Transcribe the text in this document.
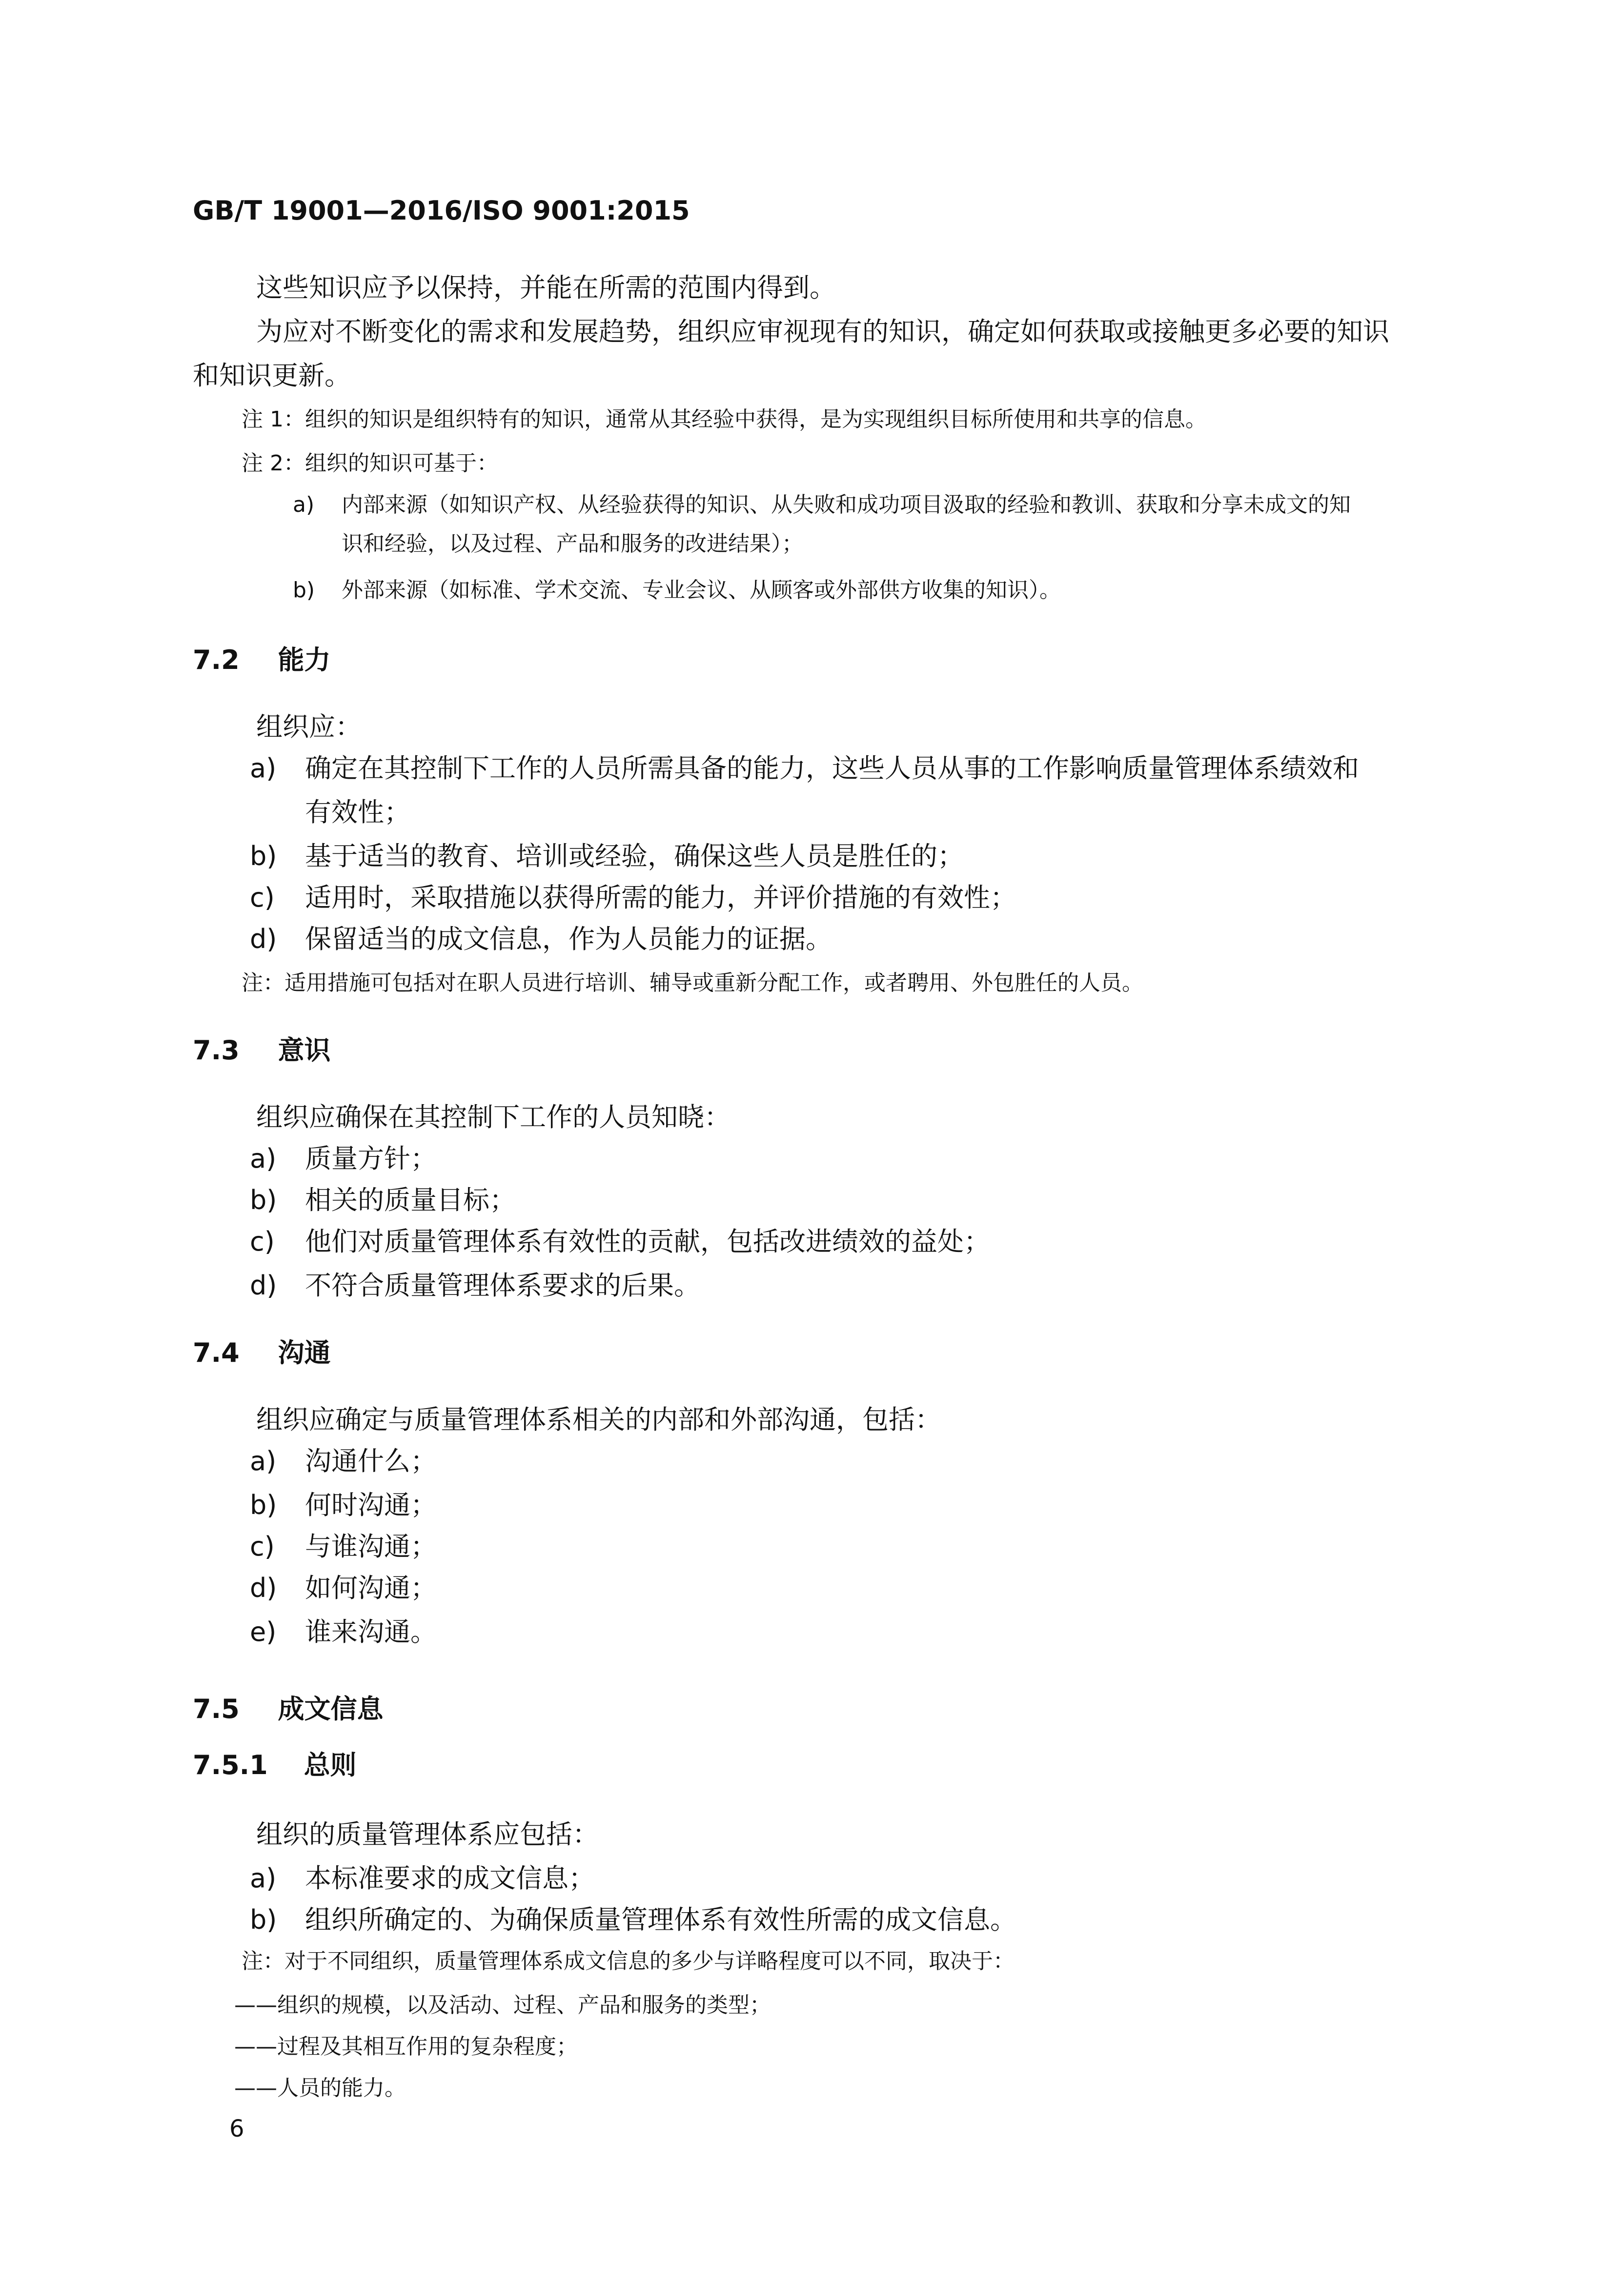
GB/T 19001—2016/ISO 9001:2015
这些知识应予以保持，并能在所需的范围内得到。
为应对不断变化的需求和发展趋势，组织应审视现有的知识，确定如何获取或接触更多必要的知识
和知识更新。
注 1：组织的知识是组织特有的知识，通常从其经验中获得，是为实现组织目标所使用和共享的信息。
注 2：组织的知识可基于：
a) 内部来源（如知识产权、从经验获得的知识、从失败和成功项目汲取的经验和教训、获取和分享未成文的知
识和经验，以及过程、产品和服务的改进结果）；
b) 外部来源（如标准、学术交流、专业会议、从顾客或外部供方收集的知识）。
7.2 能力
组织应：
a) 确定在其控制下工作的人员所需具备的能力，这些人员从事的工作影响质量管理体系绩效和
有效性；
b) 基于适当的教育、培训或经验，确保这些人员是胜任的；
c) 适用时，采取措施以获得所需的能力，并评价措施的有效性；
d) 保留适当的成文信息，作为人员能力的证据。
注：适用措施可包括对在职人员进行培训、辅导或重新分配工作，或者聘用、外包胜任的人员。
7.3 意识
组织应确保在其控制下工作的人员知晓：
a) 质量方针；
b) 相关的质量目标；
c) 他们对质量管理体系有效性的贡献，包括改进绩效的益处；
d) 不符合质量管理体系要求的后果。
7.4 沟通
组织应确定与质量管理体系相关的内部和外部沟通，包括：
a) 沟通什么；
b) 何时沟通；
c) 与谁沟通；
d) 如何沟通；
e) 谁来沟通。
7.5 成文信息
7.5.1 总则
组织的质量管理体系应包括：
a) 本标准要求的成文信息；
b) 组织所确定的、为确保质量管理体系有效性所需的成文信息。
注：对于不同组织，质量管理体系成文信息的多少与详略程度可以不同，取决于：
——组织的规模，以及活动、过程、产品和服务的类型；
——过程及其相互作用的复杂程度；
——人员的能力。
6
